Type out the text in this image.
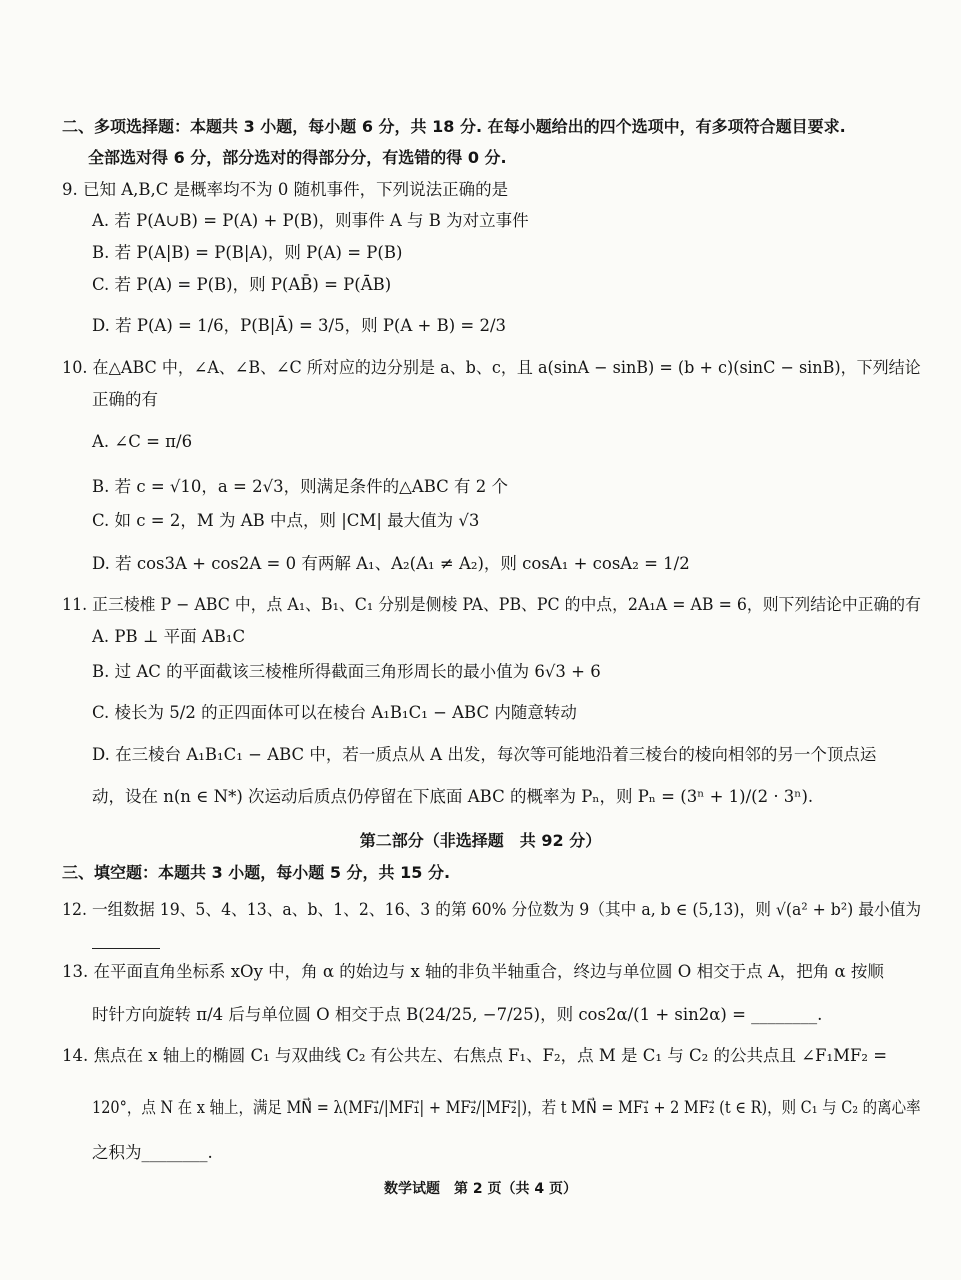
二、多项选择题：本题共 3 小题，每小题 6 分，共 18 分. 在每小题给出的四个选项中，有多项符合题目要求.
全部选对得 6 分，部分选对的得部分分，有选错的得 0 分.
9. 已知 A,B,C 是概率均不为 0 随机事件，下列说法正确的是
A. 若 P(A∪B) = P(A) + P(B)，则事件 A 与 B 为对立事件
B. 若 P(A|B) = P(B|A)，则 P(A) = P(B)
C. 若 P(A) = P(B)，则 P(AB̄) = P(ĀB)
D. 若 P(A) = 1/6，P(B|Ā) = 3/5，则 P(A + B) = 2/3
10. 在△ABC 中，∠A、∠B、∠C 所对应的边分别是 a、b、c，且 a(sinA − sinB) = (b + c)(sinC − sinB)，下列结论
正确的有
A. ∠C = π/6
B. 若 c = √10，a = 2√3，则满足条件的△ABC 有 2 个
C. 如 c = 2，M 为 AB 中点，则 |CM| 最大值为 √3
D. 若 cos3A + cos2A = 0 有两解 A₁、A₂(A₁ ≠ A₂)，则 cosA₁ + cosA₂ = 1/2
11. 正三棱椎 P − ABC 中，点 A₁、B₁、C₁ 分别是侧棱 PA、PB、PC 的中点，2A₁A = AB = 6，则下列结论中正确的有
A. PB ⊥ 平面 AB₁C
B. 过 AC 的平面截该三棱椎所得截面三角形周长的最小值为 6√3 + 6
C. 棱长为 5/2 的正四面体可以在棱台 A₁B₁C₁ − ABC 内随意转动
D. 在三棱台 A₁B₁C₁ − ABC 中，若一质点从 A 出发，每次等可能地沿着三棱台的棱向相邻的另一个顶点运
动，设在 n(n ∈ N*) 次运动后质点仍停留在下底面 ABC 的概率为 Pₙ，则 Pₙ = (3ⁿ + 1)/(2 · 3ⁿ).
第二部分（非选择题　共 92 分）
三、填空题：本题共 3 小题，每小题 5 分，共 15 分.
12. 一组数据 19、5、4、13、a、b、1、2、16、3 的第 60% 分位数为 9（其中 a, b ∈ (5,13)，则 √(a² + b²) 最小值为
13. 在平面直角坐标系 xOy 中，角 α 的始边与 x 轴的非负半轴重合，终边与单位圆 O 相交于点 A，把角 α 按顺
时针方向旋转 π/4 后与单位圆 O 相交于点 B(24/25, −7/25)，则 cos2α/(1 + sin2α) = ________.
14. 焦点在 x 轴上的椭圆 C₁ 与双曲线 C₂ 有公共左、右焦点 F₁、F₂，点 M 是 C₁ 与 C₂ 的公共点且 ∠F₁MF₂ =
120°，点 N 在 x 轴上，满足 MN⃗ = λ(MF₁⃗/|MF₁⃗| + MF₂⃗/|MF₂⃗|)，若 t MN⃗ = MF₁⃗ + 2 MF₂⃗ (t ∈ R)，则 C₁ 与 C₂ 的离心率
之积为________.
数学试题　第 2 页（共 4 页）
